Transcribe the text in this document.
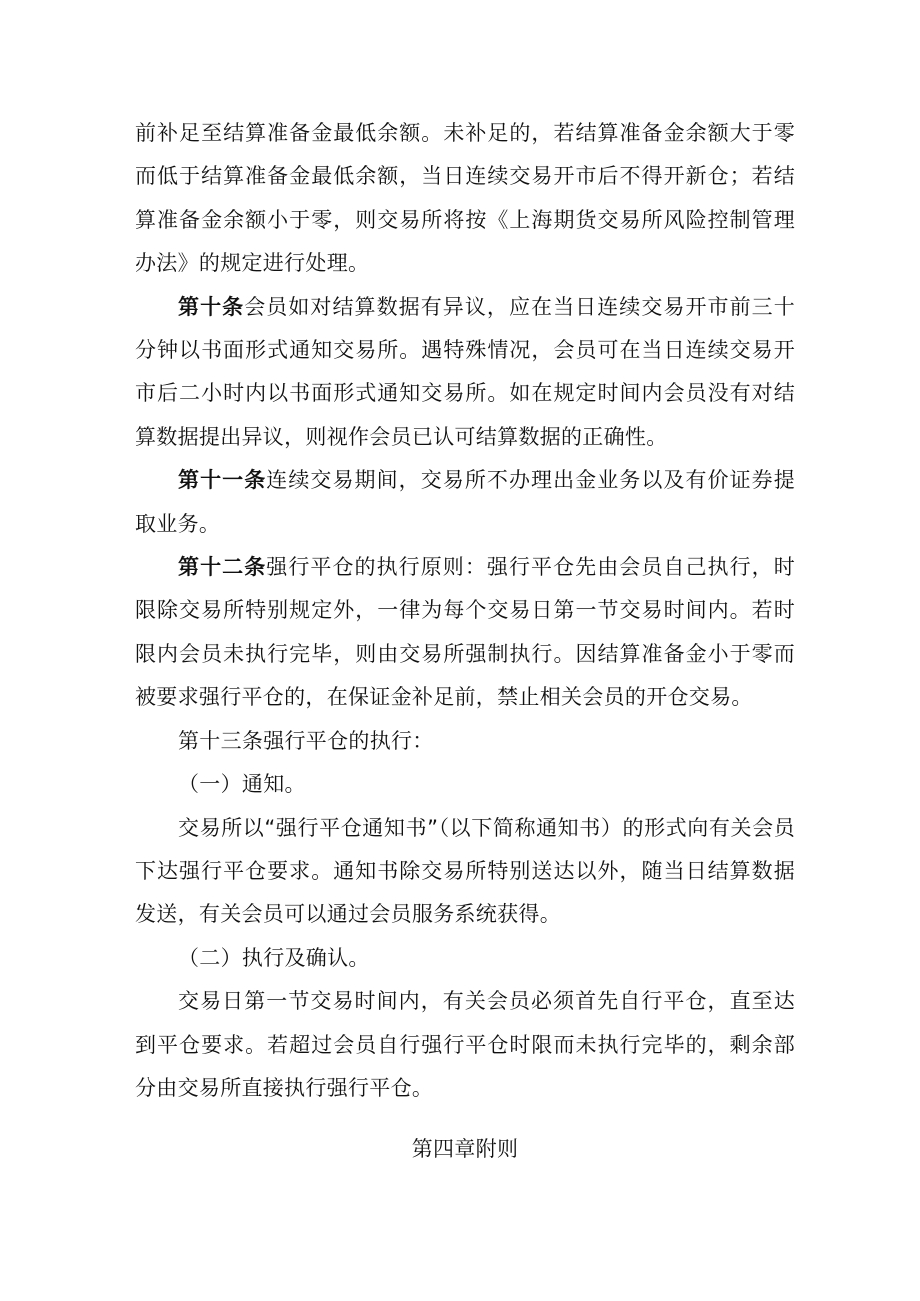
前补足至结算准备金最低余额。未补足的，若结算准备金余额大于零而低于结算准备金最低余额，当日连续交易开市后不得开新仓；若结算准备金余额小于零，则交易所将按《上海期货交易所风险控制管理办法》的规定进行处理。

第十条会员如对结算数据有异议，应在当日连续交易开市前三十分钟以书面形式通知交易所。遇特殊情况，会员可在当日连续交易开市后二小时内以书面形式通知交易所。如在规定时间内会员没有对结算数据提出异议，则视作会员已认可结算数据的正确性。

第十一条连续交易期间，交易所不办理出金业务以及有价证券提取业务。

第十二条强行平仓的执行原则：强行平仓先由会员自己执行，时限除交易所特别规定外，一律为每个交易日第一节交易时间内。若时限内会员未执行完毕，则由交易所强制执行。因结算准备金小于零而被要求强行平仓的，在保证金补足前，禁止相关会员的开仓交易。

第十三条强行平仓的执行：

（一）通知。

交易所以“强行平仓通知书”（以下简称通知书）的形式向有关会员下达强行平仓要求。通知书除交易所特别送达以外，随当日结算数据发送，有关会员可以通过会员服务系统获得。

（二）执行及确认。

交易日第一节交易时间内，有关会员必须首先自行平仓，直至达到平仓要求。若超过会员自行强行平仓时限而未执行完毕的，剩余部分由交易所直接执行强行平仓。

第四章附则
